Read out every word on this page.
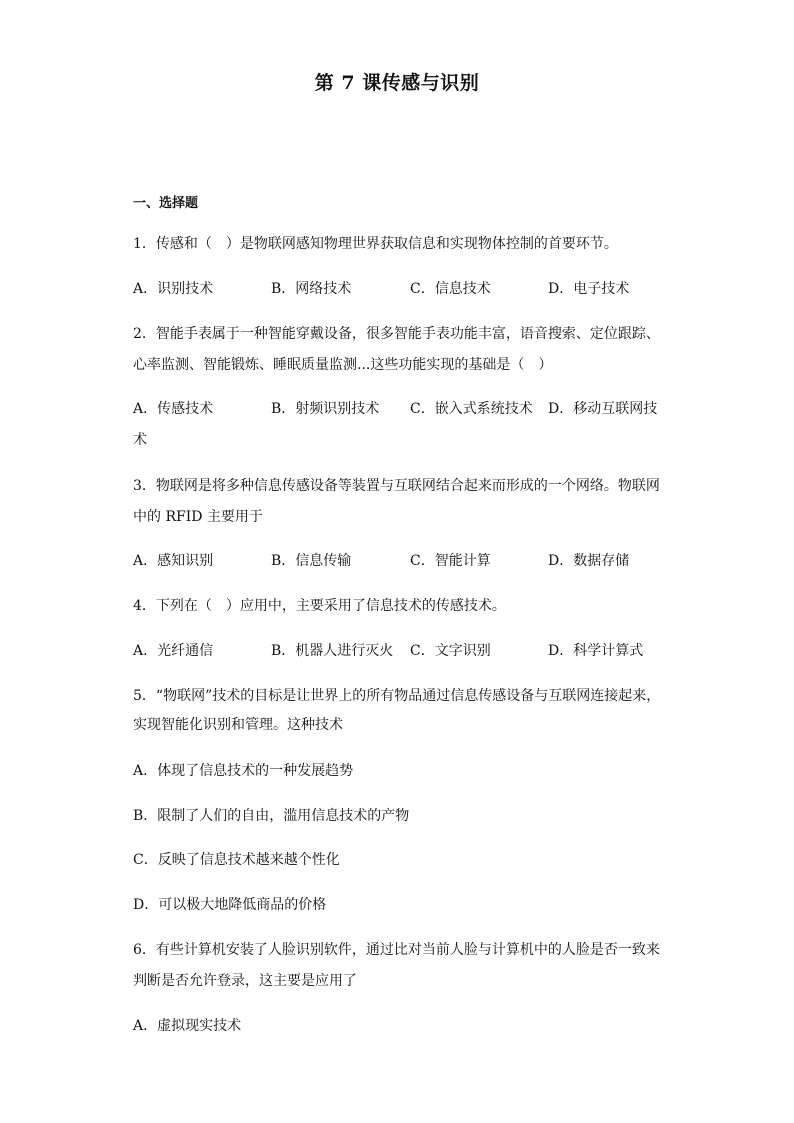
第 7 课传感与识别
一、选择题
1．传感和（　）是物联网感知物理世界获取信息和实现物体控制的首要环节。
A．识别技术	B．网络技术	C．信息技术	D．电子技术
2．智能手表属于一种智能穿戴设备，很多智能手表功能丰富，语音搜索、定位跟踪、
心率监测、智能锻炼、睡眠质量监测...这些功能实现的基础是（　）
A．传感技术	B．射频识别技术 C．嵌入式系统技术 D．移动互联网技
术
3．物联网是将多种信息传感设备等装置与互联网结合起来而形成的一个网络。物联网
中的 RFID 主要用于
A．感知识别	B．信息传输	C．智能计算	D．数据存储
4．下列在（　）应用中，主要采用了信息技术的传感技术。
A．光纤通信	B．机器人进行灭火 C．文字识别	D．科学计算式
5．“物联网”技术的目标是让世界上的所有物品通过信息传感设备与互联网连接起来，
实现智能化识别和管理。这种技术
A．体现了信息技术的一种发展趋势
B．限制了人们的自由，滥用信息技术的产物
C．反映了信息技术越来越个性化
D．可以极大地降低商品的价格
6．有些计算机安装了人脸识别软件，通过比对当前人脸与计算机中的人脸是否一致来
判断是否允许登录，这主要是应用了
A．虚拟现实技术
